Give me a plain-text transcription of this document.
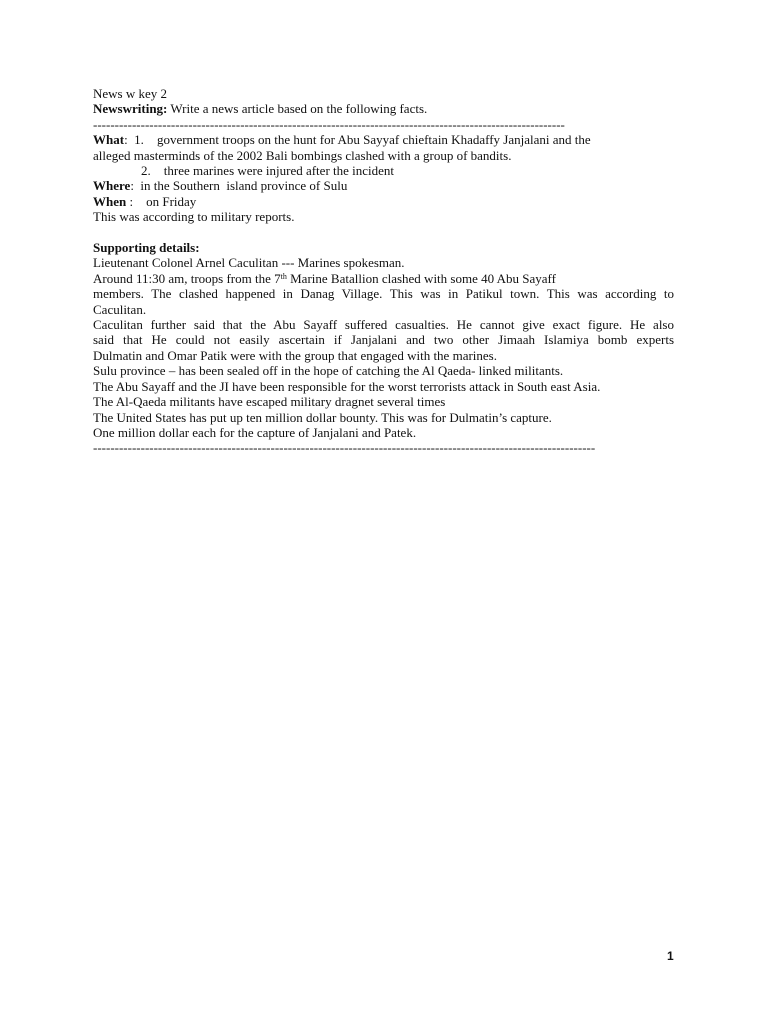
News w key 2
Newswriting: Write a news article based on the following facts.
-------------------------------------------------------------------------------------------------------------
What:  1.    government troops on the hunt for Abu Sayyaf chieftain Khadaffy Janjalani and the
alleged masterminds of the 2002 Bali bombings clashed with a group of bandits.
2.    three marines were injured after the incident
Where:  in the Southern  island province of Sulu
When :    on Friday
This was according to military reports.
Supporting details:
Lieutenant Colonel Arnel Caculitan --- Marines spokesman.
Around 11:30 am, troops from the 7th Marine Batallion clashed with some 40 Abu Sayaff
members. The clashed happened in Danag Village. This was in Patikul town. This was according to
Caculitan.
Caculitan further said that the Abu Sayaff suffered casualties. He cannot give exact figure. He also
said that He could not easily ascertain if Janjalani and two other Jimaah Islamiya bomb experts
Dulmatin and Omar Patik were with the group that engaged with the marines.
Sulu province – has been sealed off in the hope of catching the Al Qaeda- linked militants.
The Abu Sayaff and the JI have been responsible for the worst terrorists attack in South east Asia.
The Al-Qaeda militants have escaped military dragnet several times
The United States has put up ten million dollar bounty. This was for Dulmatin’s capture.
One million dollar each for the capture of Janjalani and Patek.
--------------------------------------------------------------------------------------------------------------------
1
